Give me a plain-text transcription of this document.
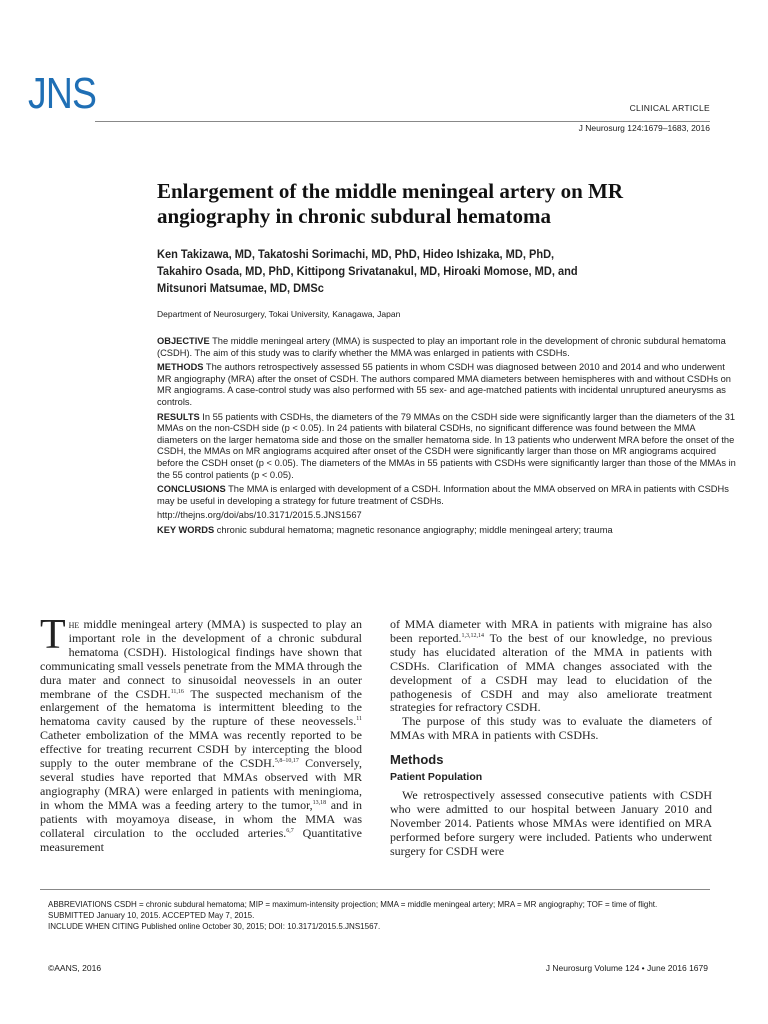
JNS	CLINICAL ARTICLE
J Neurosurg 124:1679–1683, 2016
Enlargement of the middle meningeal artery on MR angiography in chronic subdural hematoma
Ken Takizawa, MD, Takatoshi Sorimachi, MD, PhD, Hideo Ishizaka, MD, PhD,
Takahiro Osada, MD, PhD, Kittipong Srivatanakul, MD, Hiroaki Momose, MD, and
Mitsunori Matsumae, MD, DMSc
Department of Neurosurgery, Tokai University, Kanagawa, Japan

OBJECTIVE The middle meningeal artery (MMA) is suspected to play an important role in the development of chronic subdural hematoma (CSDH). The aim of this study was to clarify whether the MMA was enlarged in patients with CSDHs.

METHODS The authors retrospectively assessed 55 patients in whom CSDH was diagnosed between 2010 and 2014 and who underwent MR angiography (MRA) after the onset of CSDH. The authors compared MMA diameters between hemispheres with and without CSDHs on MR angiograms. A case-control study was also performed with 55 sex- and age-matched patients with incidental unruptured aneurysms as controls.

RESULTS In 55 patients with CSDHs, the diameters of the 79 MMAs on the CSDH side were significantly larger than the diameters of the 31 MMAs on the non-CSDH side (p < 0.05). In 24 patients with bilateral CSDHs, no significant difference was found between the MMA diameters on the larger hematoma side and those on the smaller hematoma side. In 13 patients who underwent MRA before the onset of the CSDH, the MMAs on MR angiograms acquired after onset of the CSDH were significantly larger than those on MR angiograms acquired before the CSDH onset (p < 0.05). The diameters of the MMAs in 55 patients with CSDHs were significantly larger than those of the MMAs in the 55 control patients (p < 0.05).

CONCLUSIONS The MMA is enlarged with development of a CSDH. Information about the MMA observed on MRA in patients with CSDHs may be useful in developing a strategy for future treatment of CSDHs.

http://thejns.org/doi/abs/10.3171/2015.5.JNS1567

KEY WORDS chronic subdural hematoma; magnetic resonance angiography; middle meningeal artery; trauma

The middle meningeal artery (MMA) is suspected to play an important role in the development of a chronic subdural hematoma (CSDH). Histological findings have shown that communicating small vessels penetrate from the MMA through the dura mater and connect to sinusoidal neovessels in an outer membrane of the CSDH.$^{11,16}$ The suspected mechanism of the enlargement of the hematoma is intermittent bleeding to the hematoma cavity caused by the rupture of these neovessels.$^{11}$ Catheter embolization of the MMA was recently reported to be effective for treating recurrent CSDH by intercepting the blood supply to the outer membrane of the CSDH.$^{5,8-10,17}$ Conversely, several studies have reported that MMAs observed with MR angiography (MRA) were enlarged in patients with meningioma, in whom the MMA was a feeding artery to the tumor,$^{13,18}$ and in patients with moyamoya disease, in whom the MMA was collateral circulation to the occluded arteries.$^{6,7}$ Quantitative measurement

of MMA diameter with MRA in patients with migraine has also been reported.$^{1,3,12,14}$ To the best of our knowledge, no previous study has elucidated alteration of the MMA in patients with CSDHs. Clarification of MMA changes associated with the development of a CSDH may lead to elucidation of the pathogenesis of CSDH and may also ameliorate treatment strategies for refractory CSDH.

The purpose of this study was to evaluate the diameters of MMAs with MRA in patients with CSDHs.

Methods
Patient Population

We retrospectively assessed consecutive patients with CSDH who were admitted to our hospital between January 2010 and November 2014. Patients whose MMAs were identified on MRA performed before surgery were included. Patients who underwent surgery for CSDH were

ABBREVIATIONS CSDH = chronic subdural hematoma; MIP = maximum-intensity projection; MMA = middle meningeal artery; MRA = MR angiography; TOF = time of flight.

SUBMITTED January 10, 2015. ACCEPTED May 7, 2015.

INCLUDE WHEN CITING Published online October 30, 2015; DOI: 10.3171/2015.5.JNS1567.

©AANS, 2016	J Neurosurg Volume 124 • June 2016 1679
